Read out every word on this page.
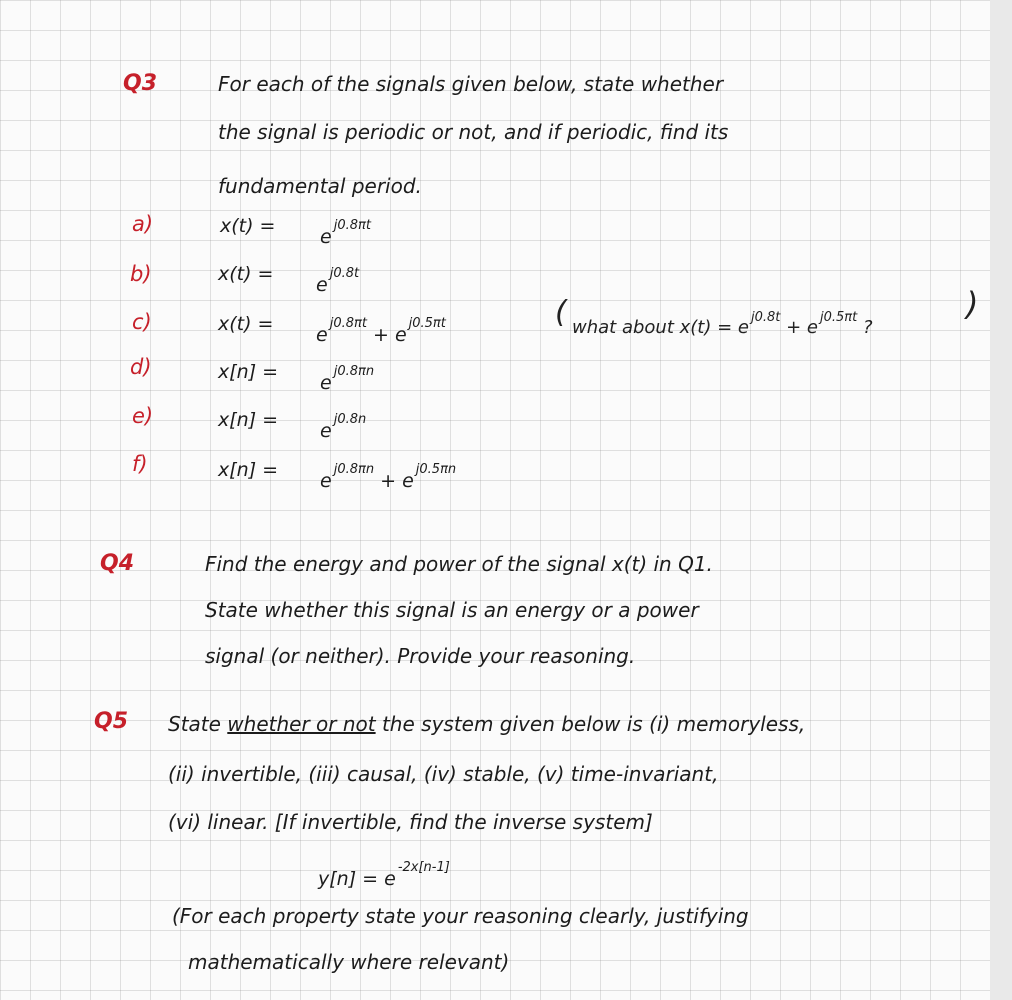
Q3	For each of the signals given below, state whether
the signal is periodic or not, and if periodic, find its
fundamental period.
a)	$x(t) = e^{j0.8\pi t}$
b)	$x(t) = e^{j0.8t}$
c)	$x(t) = e^{j0.8\pi t} + e^{j0.5\pi t}$	( what about x(t) = e $^{j0.8t}$ + e $^{j0.5\pi t}$ ?
)
d)	$x[n] = e^{j0.8\pi n}$
e)	$x[n] = e^{j0.8n}$
f)	$x[n] = e^{j0.8\pi n} + e^{j0.5\pi n}$
Q4	Find the energy and power of the signal x(t) in Q1.
State whether this signal is an energy or a power
signal (or neither). Provide your reasoning.
Q5 State whether or not the system given below is (i) memoryless,
(ii) invertible, (iii) causal, (iv) stable, (v) time-invariant,
(vi) linear. [If invertible, find the inverse system]
$y[n] = e^{-2x[n-1]}$
(For each property state your reasoning clearly, justifying
mathematically where relevant)
